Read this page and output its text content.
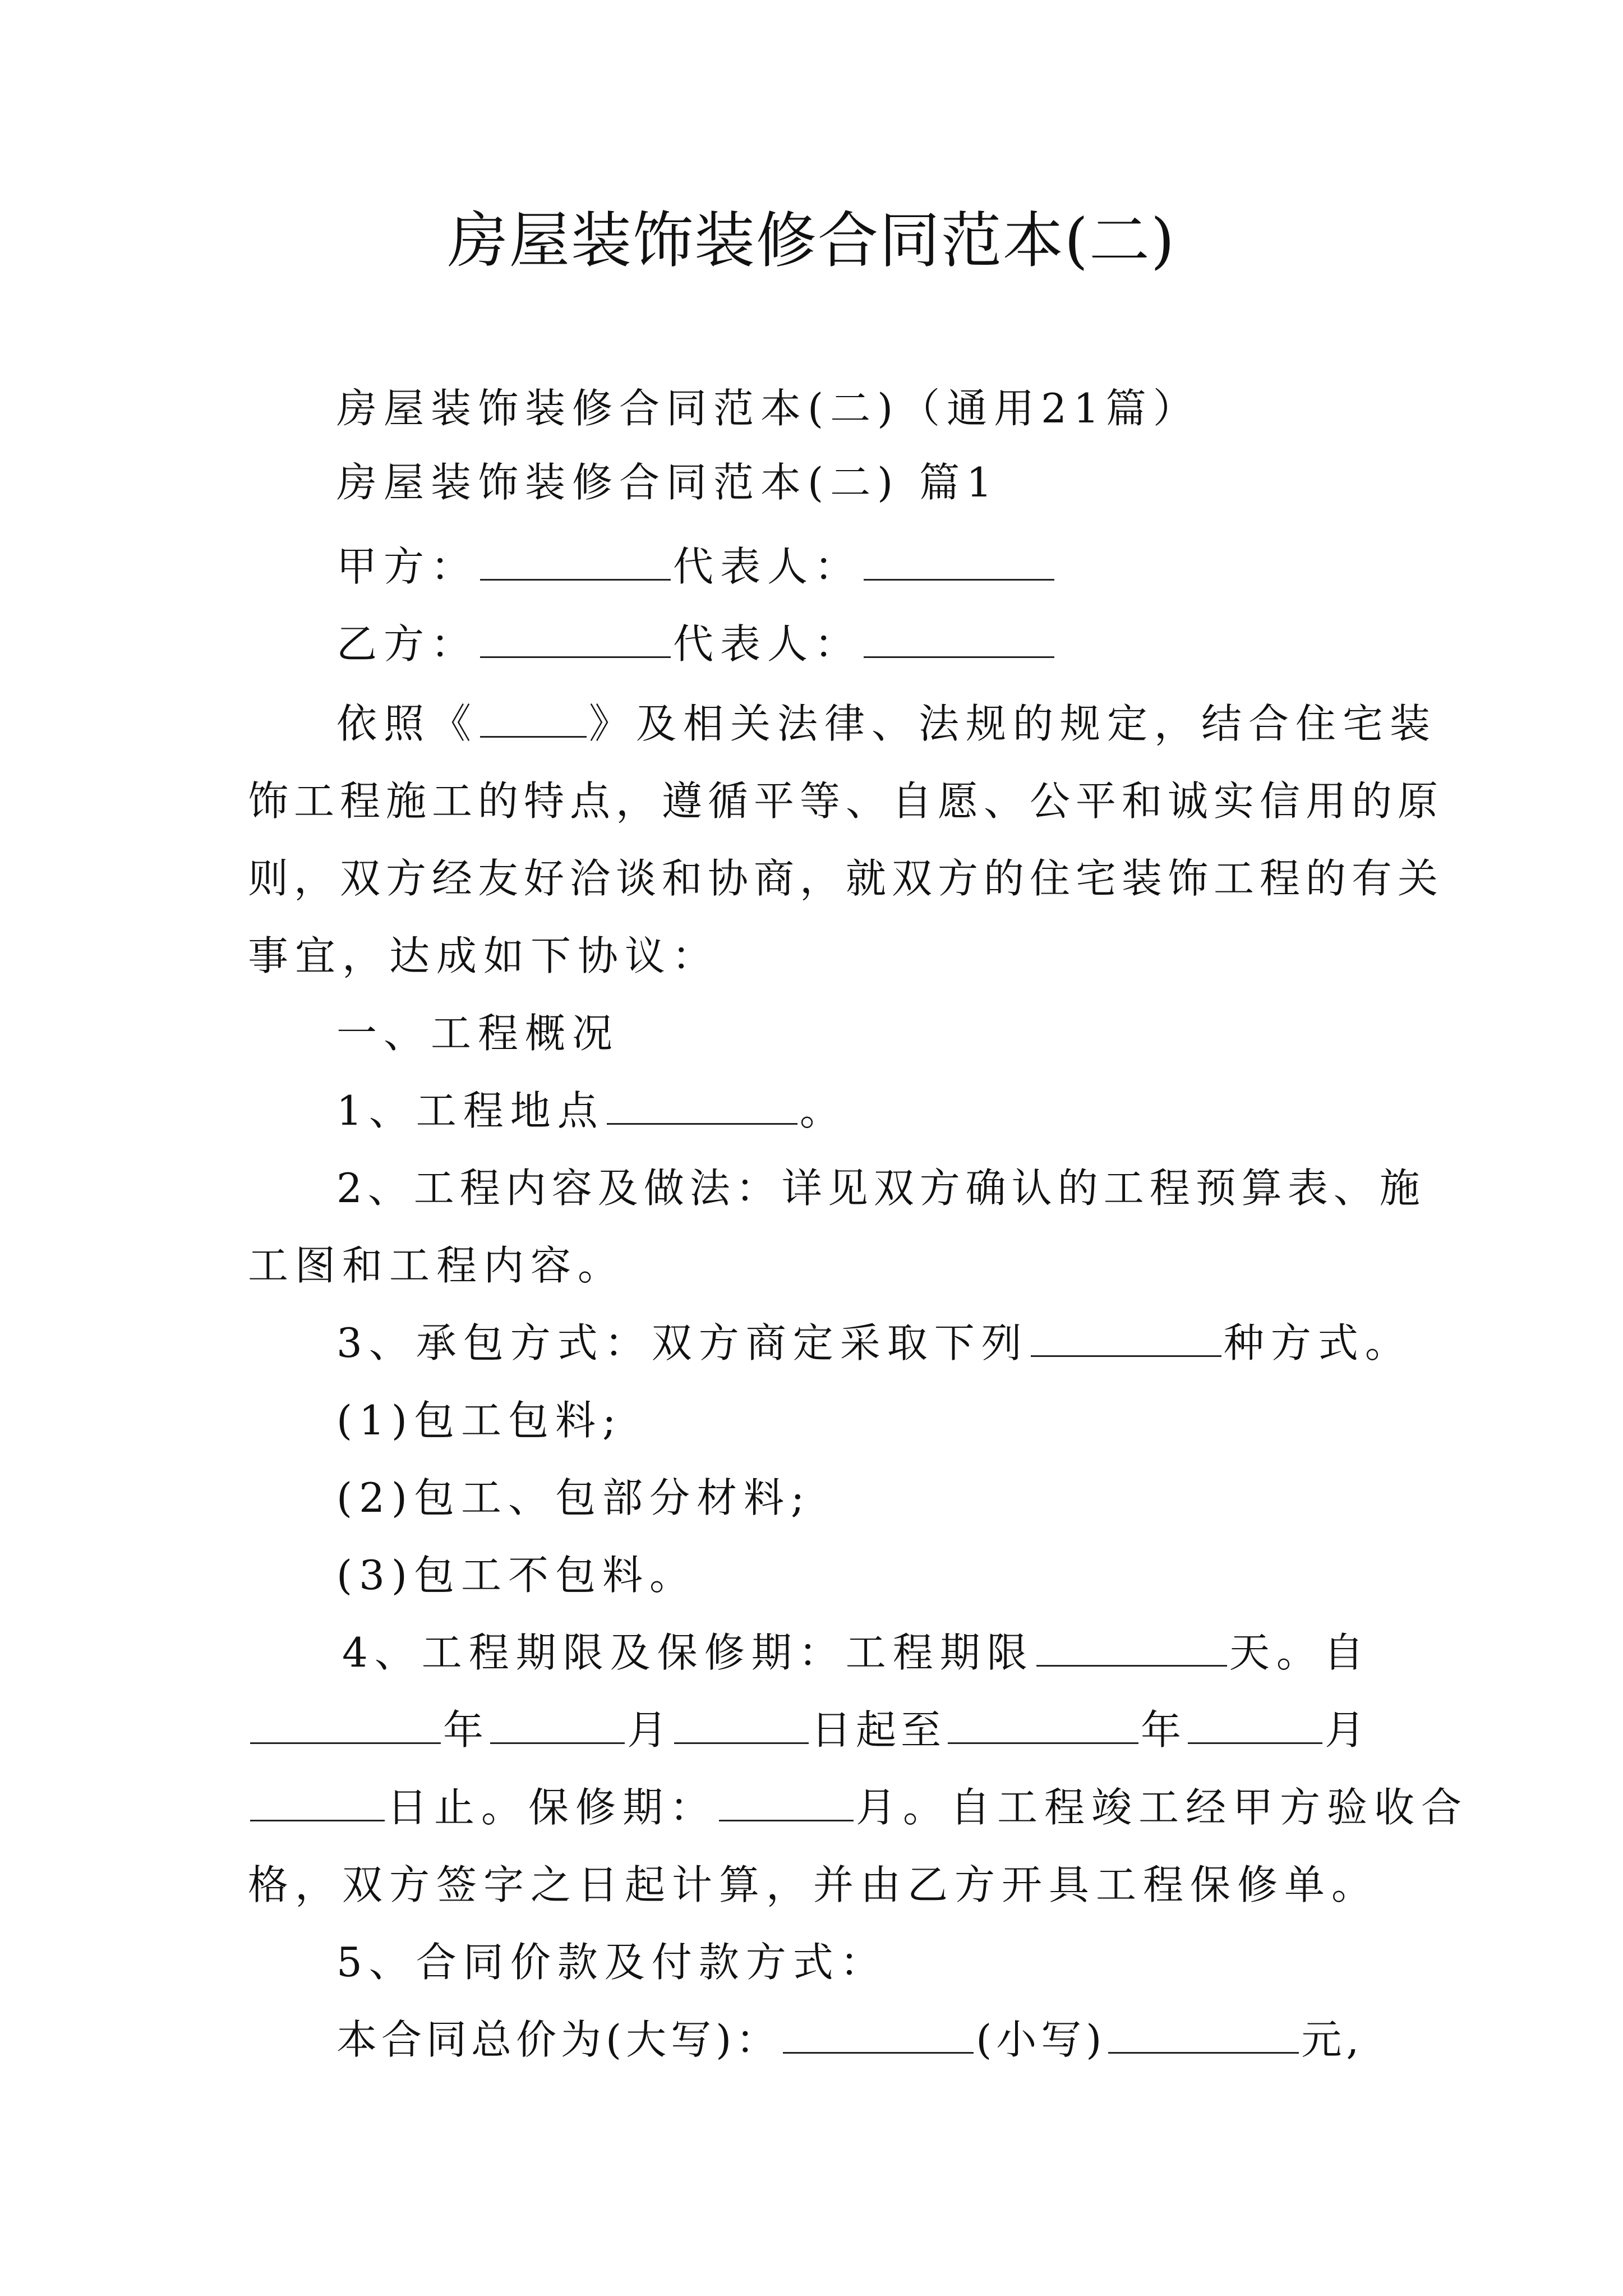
房屋装饰装修合同范本(二)
房屋装饰装修合同范本(二)（通用21篇）
房屋装饰装修合同范本(二) 篇1
甲方：	代表人：
乙方：	代表人：
依照《	》及相关法律、法规的规定，结合住宅装
饰工程施工的特点，遵循平等、自愿、公平和诚实信用的原
则，双方经友好洽谈和协商，就双方的住宅装饰工程的有关
事宜，达成如下协议：
一、工程概况
1、工程地点	。
2、工程内容及做法：详见双方确认的工程预算表、施
工图和工程内容。
3、承包方式：双方商定采取下列	种方式。
(1)包工包料;
(2)包工、包部分材料;
(3)包工不包料。
4、工程期限及保修期：工程期限	天。自
年	月	日起至	年	月
日止。保修期：	月。自工程竣工经甲方验收合
格，双方签字之日起计算，并由乙方开具工程保修单。
5、合同价款及付款方式：
本合同总价为(大写)：	(小写)	元,
